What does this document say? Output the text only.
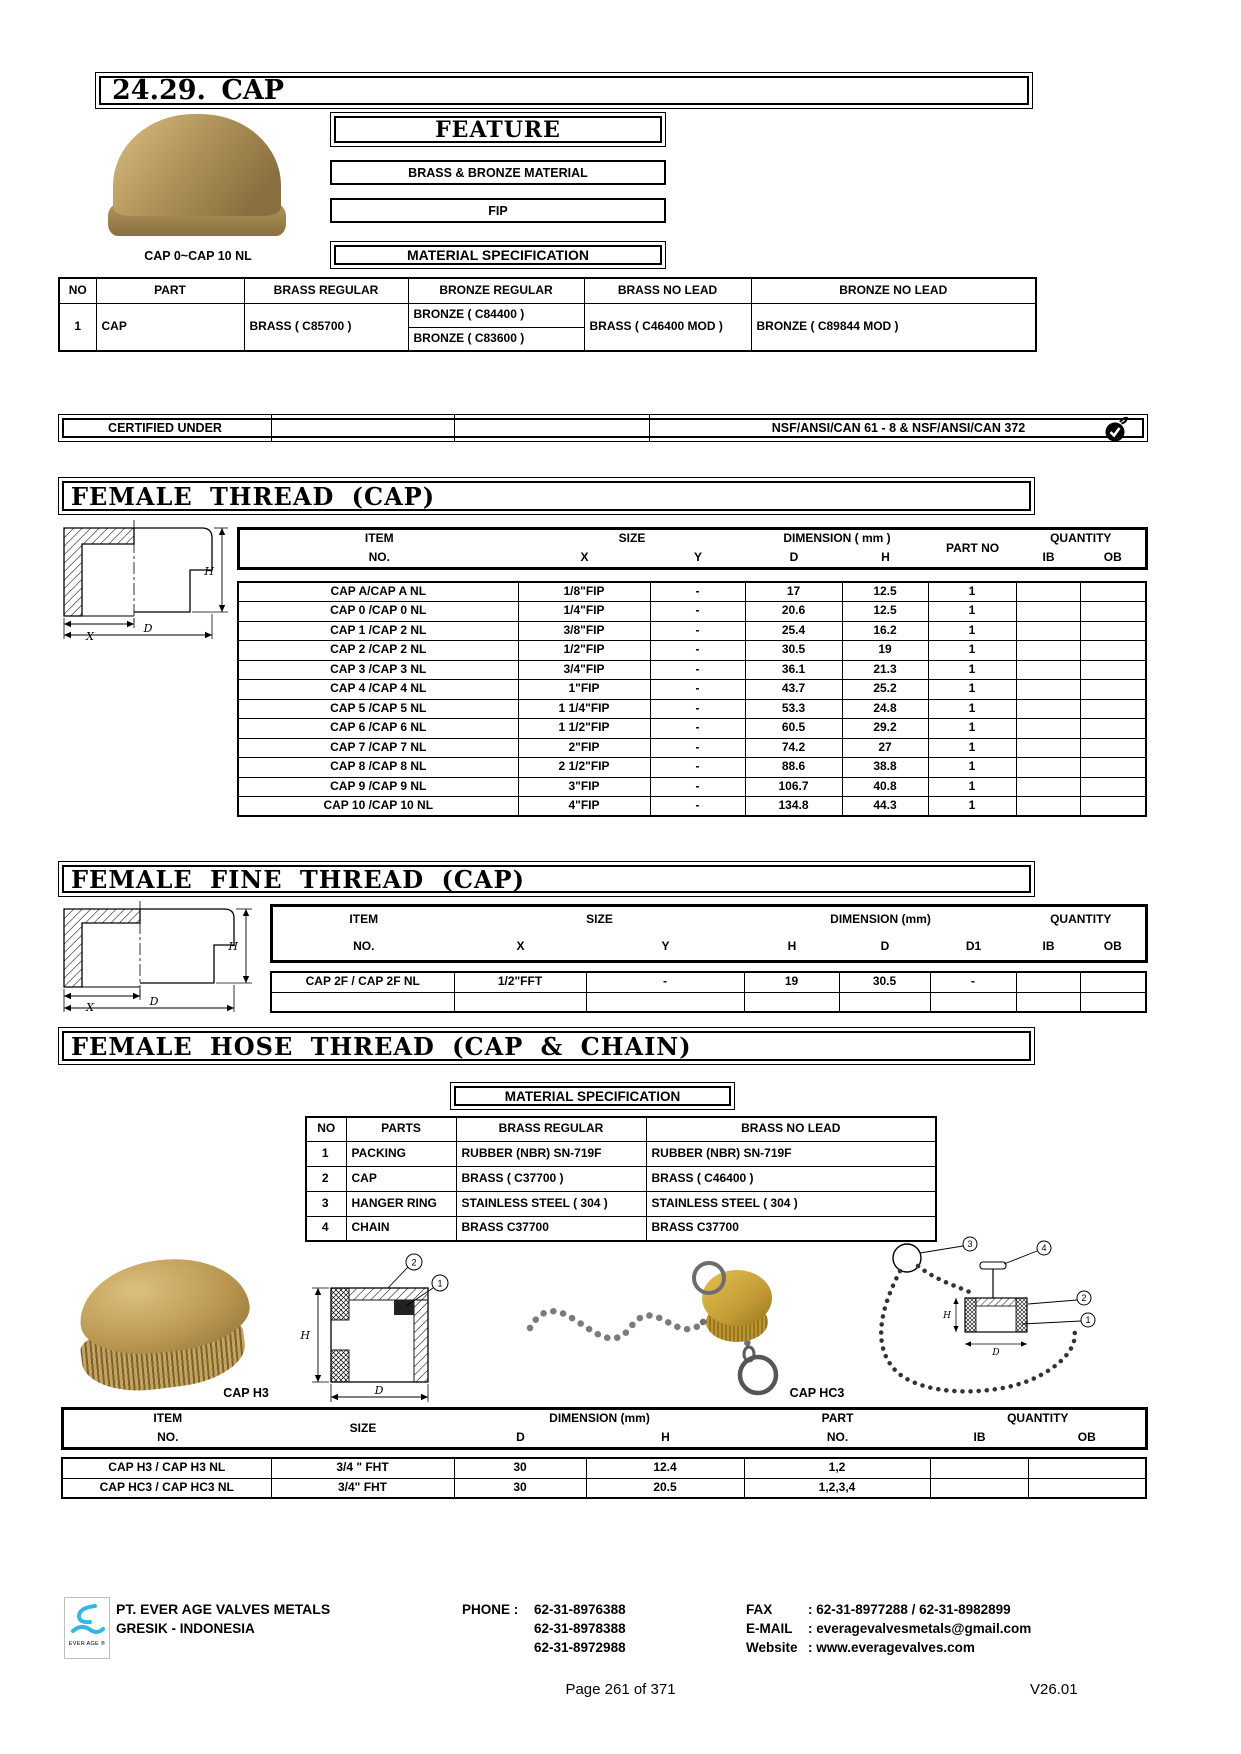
24.29. CAP
CAP 0~CAP 10 NL
FEATURE
BRASS & BRONZE MATERIAL
FIP
MATERIAL SPECIFICATION
NO	PART	BRASS REGULAR	BRONZE REGULAR	BRASS NO LEAD	BRONZE NO LEAD
1	CAP	BRASS ( C85700 )	BRONZE ( C84400 )	BRASS ( C46400 MOD )	BRONZE ( C89844 MOD )
			BRONZE ( C83600 )		
CERTIFIED UNDER	NSF/ANSI/CAN 61 - 8 & NSF/ANSI/CAN 372
FEMALE THREAD (CAP)
H
X
D
ITEM	SIZE		DIMENSION ( mm )		PART NO	QUANTITY	
NO.	X	Y	D	H		IB	OB
CAP A/CAP A NL	1/8"FIP	-	17	12.5	1		
CAP 0 /CAP 0 NL	1/4"FIP	-	20.6	12.5	1		
CAP 1 /CAP 2 NL	3/8"FIP	-	25.4	16.2	1		
CAP 2 /CAP 2 NL	1/2"FIP	-	30.5	19	1		
CAP 3 /CAP 3 NL	3/4"FIP	-	36.1	21.3	1		
CAP 4 /CAP 4 NL	1"FIP	-	43.7	25.2	1		
CAP 5 /CAP 5 NL	1 1/4"FIP	-	53.3	24.8	1		
CAP 6 /CAP 6 NL	1 1/2"FIP	-	60.5	29.2	1		
CAP 7 /CAP 7 NL	2"FIP	-	74.2	27	1		
CAP 8 /CAP 8 NL	2 1/2"FIP	-	88.6	38.8	1		
CAP 9 /CAP 9 NL	3"FIP	-	106.7	40.8	1		
CAP 10 /CAP 10 NL	4"FIP	-	134.8	44.3	1		
FEMALE FINE THREAD (CAP)
H
X	D
ITEM	SIZE		DIMENSION (mm)			QUANTITY	
NO.	X	Y	H	D	D1	IB	OB
CAP 2F / CAP 2F NL	1/2"FFT	-	19	30.5	-		

FEMALE HOSE THREAD (CAP & CHAIN)
MATERIAL SPECIFICATION
NO	PARTS	BRASS REGULAR	BRASS NO LEAD
1	PACKING	RUBBER (NBR) SN-719F	RUBBER (NBR) SN-719F
2	CAP	BRASS ( C37700 )	BRASS ( C46400 )
3	HANGER RING	STAINLESS STEEL ( 304 )	STAINLESS STEEL ( 304 )
4	CHAIN	BRASS C37700	BRASS C37700
CAP H3
2
1
H
D	CAP HC3
3	4
2
1
H
D
ITEM	SIZE	DIMENSION (mm)		PART	QUANTITY	
NO.		D	H	NO.	IB	OB
CAP H3 / CAP H3 NL	3/4 " FHT	30	12.4	1,2		
CAP HC3 / CAP HC3 NL	3/4" FHT	30	20.5	1,2,3,4		
EVER AGE ®
PT. EVER AGE VALVES METALS
GRESIK - INDONESIA
PHONE : 62-31-8976388
62-31-8978388
62-31-8972988
FAX	: 62-31-8977288 / 62-31-8982899
E-MAIL : everagevalvesmetals@gmail.com
Website : www.everagevalves.com
Page 261 of 371	V26.01
